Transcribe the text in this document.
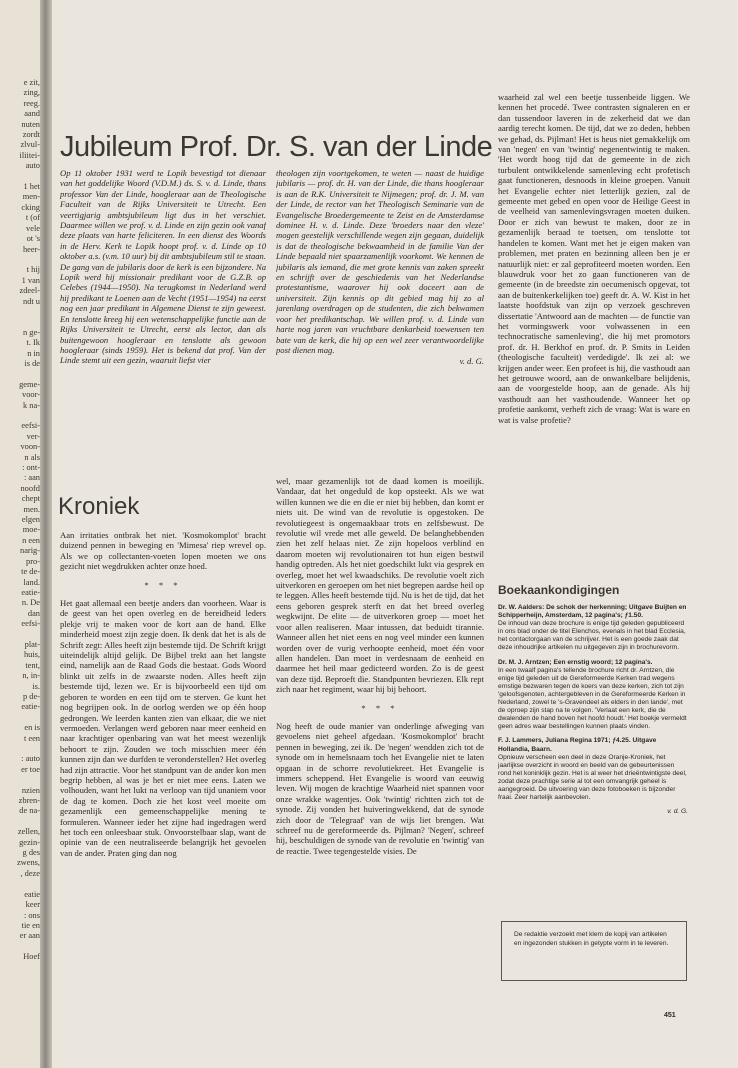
e zit,
zing,
reeg.
aand
nuten
zordt
zlvul-
iliitei-
auto

1 het
men-
cking
t (of
vele
ot 's
heer-

t hij
1 van
zdeel-
ndt u

n ge-
t. Ik
n in
is de

geme-
voor-
k na-

eefsi-
ver-
voon-
n als
: ont-
: aan
noofd
chept
men.
elgen
moe-
n een
narig-
pro-
te de-
land.
eatie-
n. De
dan
eefsi-

plat-
huis,
tent,
n, in-
is.
p de-
eatie-

en is
t een

: auto
er toe

nzien
zbren-
de na-

zellen,
gezin-
g des
zwens,
, deze

eatie
keer
: ons
tie en
er aan

Hoef
Jubileum Prof. Dr. S. van der Linde

Op 11 oktober 1931 werd te Lopik bevestigd tot dienaar van het goddelijke Woord (V.D.M.) ds. S. v. d. Linde, thans professor Van der Linde, hoogleraar aan de Theologische Faculteit van de Rijks Universiteit te Utrecht. Een veertigjarig ambtsjubileum ligt dus in het verschiet. Daarmee willen we prof. v. d. Linde en zijn gezin ook vanaf deze plaats van harte feliciteren. In een dienst des Woords in de Herv. Kerk te Lopik hoopt prof. v. d. Linde op 10 oktober a.s. (v.m. 10 uur) bij dit ambtsjubileum stil te staan. De gang van de jubilaris door de kerk is een bijzondere. Na Lopik werd hij missionair predikant voor de G.Z.B. op Celebes (1944—1950). Na terugkomst in Nederland werd hij predikant te Loenen aan de Vecht (1951—1954) na eerst nog een jaar predikant in Algemene Dienst te zijn geweest. En tenslotte kreeg hij een wetenschappelijke functie aan de Rijks Universiteit te Utrecht, eerst als lector, dan als buitengewoon hoogleraar en tenslotte als gewoon hoogleraar (sinds 1959). Het is bekend dat prof. Van der Linde stemt uit een gezin, waaruit liefst vier

theologen zijn voortgekomen, te weten — naast de huidige jubilaris — prof. dr. H. van der Linde, die thans hoogleraar is aan de R.K. Universiteit te Nijmegen; prof. dr. J. M. van der Linde, de rector van het Theologisch Seminarie van de Evangelische Broedergemeente te Zeist en de Amsterdamse dominee H. v. d. Linde. Deze 'broeders naar den vleze' mogen geestelijk verschillende wegen zijn gegaan, duidelijk is dat de theologische bekwaamheid in de familie Van der Linde bepaald niet spaarzamenlijk voorkomt. We kennen de jubilaris als iemand, die met grote kennis van zaken spreekt en schrijft over de geschiedenis van het Nederlandse protestantisme, waarover hij ook doceert aan de universiteit. Zijn kennis op dit gebied mag hij zo al jarenlang overdragen op de studenten, die zich bekwamen voor het predikantschap. We willen prof. v. d. Linde van harte nog jaren van vruchtbare denkarbeid toewensen ten bate van de kerk, die hij op een wel zeer verantwoordelijke post dienen mag.

v. d. G.
Kroniek

Aan irritaties ontbrak het niet. 'Kosmokomplot' bracht duizend pennen in beweging en 'Mimesa' riep wrevel op. Als we op collectanten-voeten lopen moeten we ons gezicht niet wegdrukken achter onze hoed.

* * *

Het gaat allemaal een beetje anders dan voorheen. Waar is de geest van het open overleg en de bereidheid leders plekje vrij te maken voor de kort aan de hand. Elke minderheid moest zijn zegje doen. Ik denk dat het is als de Schrift zegt: Alles heeft zijn bestemde tijd. De Schrift krijgt uiteindelijk altijd gelijk. De Bijbel trekt aan het langste eind, namelijk aan de Raad Gods die bestaat. Gods Woord blinkt uit zelfs in de zwaarste noden. Alles heeft zijn bestemde tijd, lezen we. Er is bijvoorbeeld een tijd om geboren te worden en een tijd om te sterven. Ge kunt het nog begrijpen ook. In de oorlog werden we op één hoop gedrongen. We leerden kanten zien van elkaar, die we niet vermoeden. Verlangen werd geboren naar meer eenheid en naar krachtiger openbaring van wat het meest wezenlijk behoort te zijn. Zouden we toch misschien meer één kunnen zijn dan we durfden te veronderstellen? Het overleg had zijn attractie. Voor het standpunt van de ander kon men begrip hebben, al was je het er niet mee eens. Laten we volhouden, want het lukt na verloop van tijd unaniem voor de dag te komen. Doch zie het kost veel moeite om gezamenlijk een gemeenschappelijke mening te formuleren. Wanneer ieder het zijne had ingedragen werd het toch een onleesbaar stuk. Onvoorstelbaar slap, want de opinie van de een neutraliseerde belangrijk het gevoelen van de ander. Praten ging dan nog

wel, maar gezamenlijk tot de daad komen is moeilijk. Vandaar, dat het ongeduld de kop opsteekt. Als we wat willen kunnen we die en die er niet bij hebben, dan komt er niets uit. De wind van de revolutie is opgestoken. De revolutiegeest is ongemaakbaar trots en zelfsbewust. De revolutie wil vrede met alle geweld. De belanghebbenden zien het zelf helaas niet. Ze zijn hopeloos verblind en daarom moeten wij revolutionairen tot hun eigen bestwil handig optreden. Als het niet goedschikt lukt via gesprek en overleg, moet het wel kwaadschiks. De revolutie voelt zich uitverkoren en geroepen om het niet begrepen aardse heil op te leggen. Alles heeft bestemde tijd. Nu is het de tijd, dat het eens geboren gesprek sterft en dat het breed overleg wegkwijnt. De elite — de uitverkoren groep — moet het voor allen realiseren. Maar intussen, dat beduidt tirannie. Wanneer allen het niet eens en nog veel minder een kunnen worden over de vurig verhoopte eenheid, moet één voor allen handelen. Dan moet in verdesnaam de eenheid en daarmee het heil maar gedicteerd worden. Zo is de geest van deze tijd. Beproeft die. Standpunten bevriezen. Elk rept zich naar het regiment, waar hij bij behoort.

* * *

Nog heeft de oude manier van onderlinge afweging van gevoelens niet geheel afgedaan. 'Kosmokomplot' bracht pennen in beweging, zei ik. De 'negen' wendden zich tot de synode om in hemelsnaam toch het Evangelie niet te laten opgaan in de schorre revolutiekreet. Het Evangelie is immers scheppend. Het Evangelie is woord van eeuwig leven. Wij mogen de krachtige Waarheid niet spannen voor onze wrakke wagentjes. Ook 'twintig' richtten zich tot de synode. Zij vonden het huiveringwekkend, dat de synode zich door de 'Telegraaf' van de wijs liet brengen. Wat schreef nu de gereformeerde ds. Pijlman? 'Negen', schreef hij, beschuldigen de synode van de revolutie en 'twintig' van de reactie. Twee tegengestelde visies. De

waarheid zal wel een beetje tussenbeide liggen. We kennen het procedé. Twee contrasten signaleren en er dan tussendoor laveren in de zekerheid dat we dan aardig terecht komen. De tijd, dat we zo deden, hebben we gehad, ds. Pijlman! Het is heus niet gemakkelijk om van 'negen' en van 'twintig' negenentwintig te maken. 'Het wordt hoog tijd dat de gemeente in de zich turbulent ontwikkelende samenleving echt profetisch gaat functioneren, desnoods in kleine groepen. Vanuit het Evangelie echter niet letterlijk gezien, zal de gemeente met gebed en open voor de Heilige Geest in de veelheid van samenlevingsvragen moeten duiken. Door er zich van bewust te maken, door ze in gezamenlijk beraad te toetsen, om tenslotte tot handelen te komen. Want met het je eigen maken van problemen, met praten en bezinning alleen ben je er natuurlijk niet: er zal geprofiteerd moeten worden. Een blauwdruk voor het zo gaan functioneren van de gemeente (in de breedste zin oecumenisch opgevat, tot aan de buitenkerkelijken toe) geeft dr. A. W. Kist in het laatste hoofdstuk van zijn op verzoek geschreven dissertatie 'Antwoord aan de machten — de functie van het vormingswerk voor volwassenen in een technocratische samenleving', die hij met promotors prof. dr. H. Berkhof en prof. dr. P. Smits in Leiden (theologische faculteit) verdedigde'. Ik zei al: we krijgen ander weer. Een profeet is hij, die vasthoudt aan het getrouwe woord, aan de onwankelbare belijdenis, aan de voorgestelde hoop, aan de genade. Als hij vasthoudt aan het vasthoudende. Wanneer het op profetie aankomt, verheft zich de vraag: Wat is ware en wat is valse profetie?

Boekaankondigingen

Dr. W. Aalders: De schok der herkenning; Uitgave Buijten en Schipperheijn, Amsterdam, 12 pagina's; ƒ1.50.
De inhoud van deze brochure is enige tijd geleden gepubliceerd in ons blad onder de titel Elenchos, evenals in het blad Ecclesia, het contactorgaan van de schrijver. Het is een goede zaak dat deze inhoudrijke artikelen nu uitgegeven zijn in brochurevorm.

Dr. M. J. Arntzen; Een ernstig woord; 12 pagina's.
In een twaalf pagina's tellende brochure richt dr. Arntzen, die enige tijd geleden uit de Gereformeerde Kerken trad wegens ernstige bezwaren tegen de koers van deze kerken, zich tot zijn 'geloofsgenoten, achtergebleven in de Gereformeerde Kerken in Nederland, zowel te 's-Gravendeel als elders in den lande', met de oproep zijn stap na te volgen. 'Verlaat een kerk, die de dwalenden de hand boven het hoofd houdt.' Het boekje vermeldt geen adres waar bestellingen kunnen plaats vinden.

F. J. Lammers, Juliana Regina 1971; ƒ4.25. Uitgave Hollandia, Baarn.
Opnieuw verscheen een deel in deze Oranje-Kroniek, het jaarlijkse overzicht in woord en beeld van de gebeurtenissen rond het koninklijk gezin. Het is al weer het drieëntwintigste deel, zodat deze prachtige serie al tot een omvangrijk geheel is aangegroeid. De uitvoering van deze fotoboeken is bijzonder fraai. Zeer hartelijk aanbevolen.

v. d. G.
De redaktie verzoekt met klem de kopij van artikelen en ingezonden stukken in getypte vorm in te leveren.
451
